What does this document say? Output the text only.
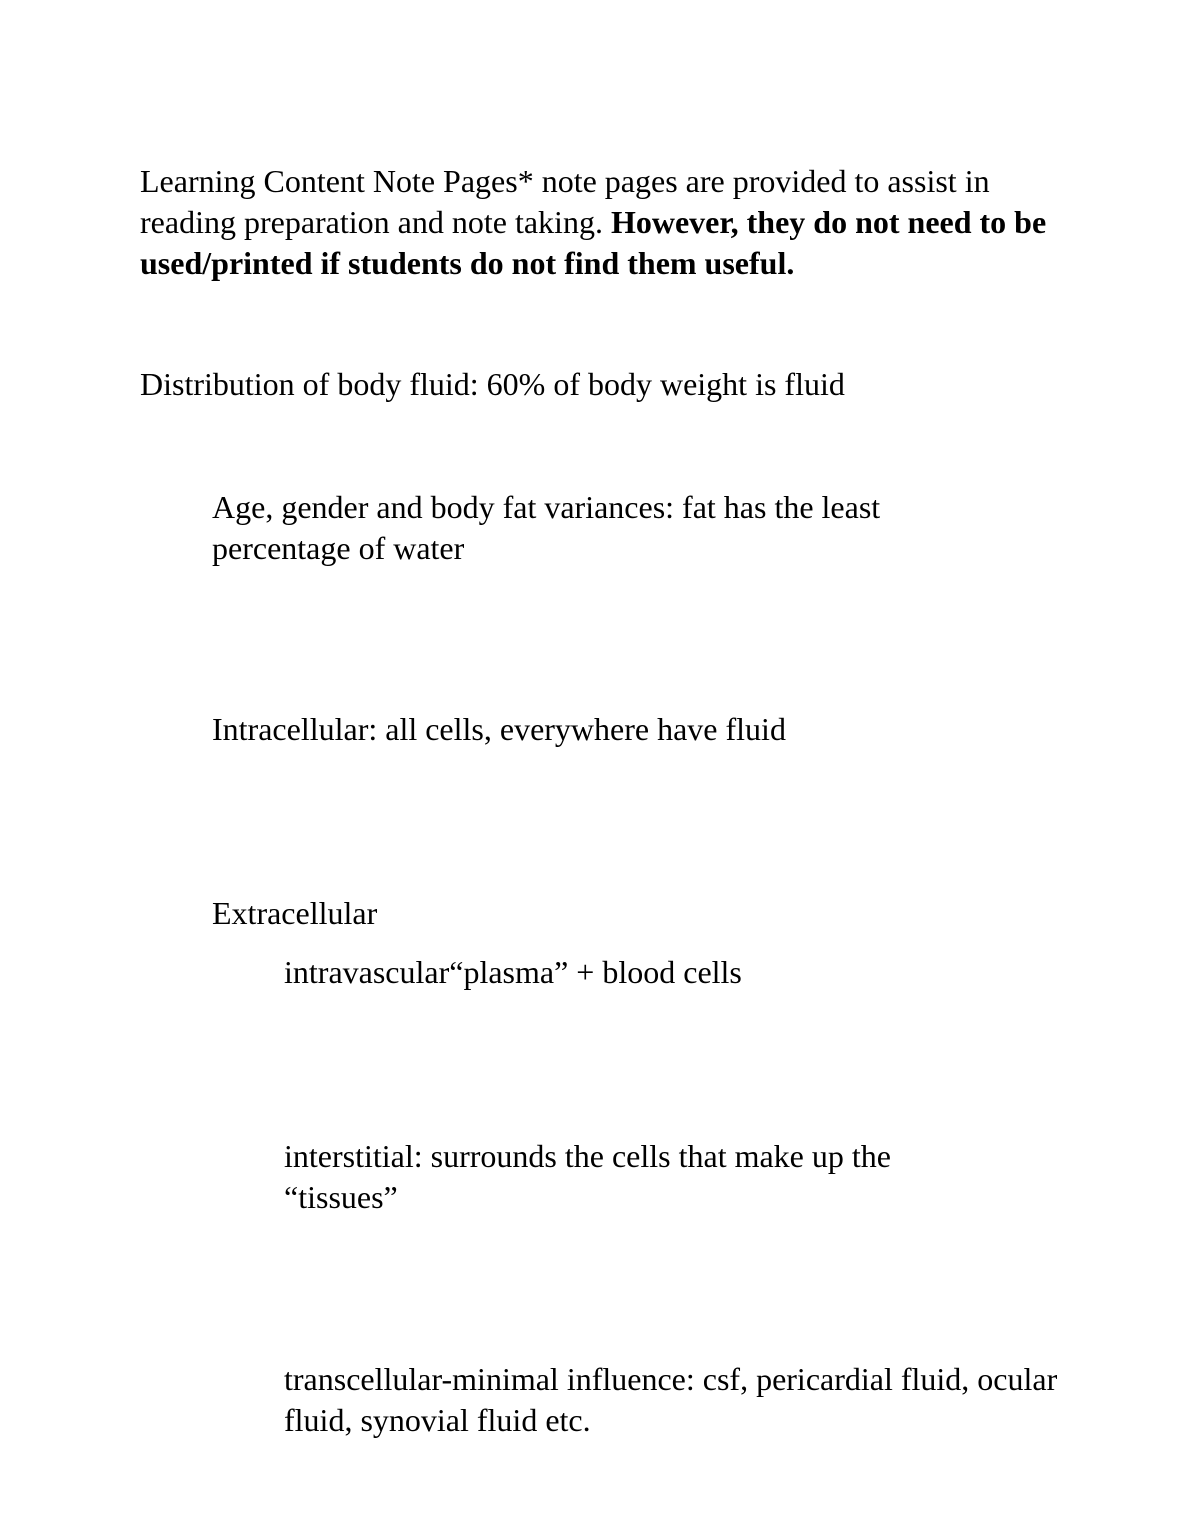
Learning Content Note Pages* note pages are provided to assist in reading preparation and note taking. However, they do not need to be used/printed if students do not find them useful.

Distribution of body fluid: 60% of body weight is fluid

Age, gender and body fat variances: fat has the least percentage of water

Intracellular: all cells, everywhere have fluid

Extracellular

intravascular“plasma” + blood cells

interstitial: surrounds the cells that make up the “tissues”

transcellular-minimal influence: csf, pericardial fluid, ocular fluid, synovial fluid etc.
